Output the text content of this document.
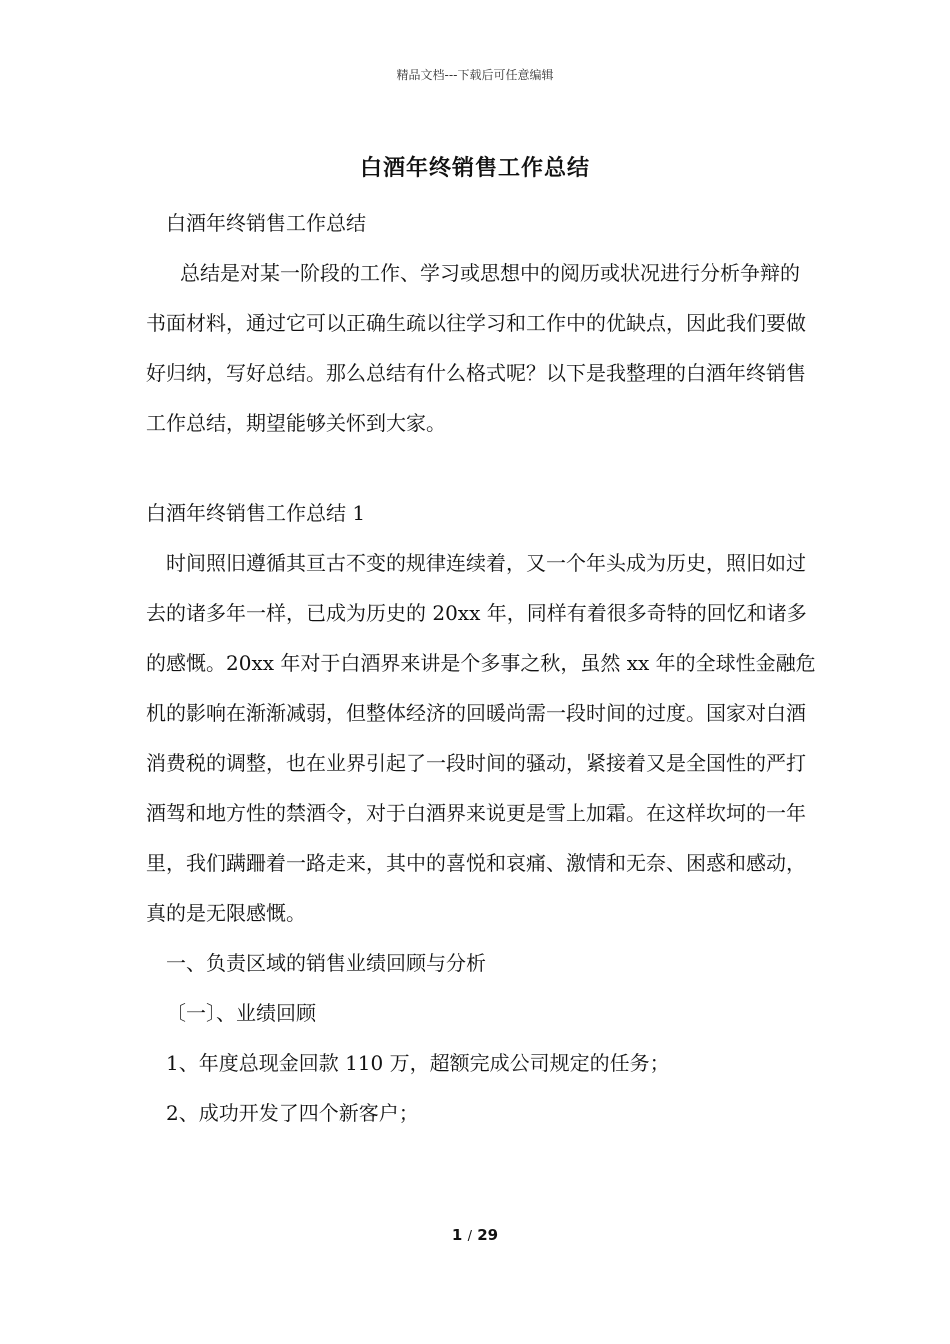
精品文档---下载后可任意编辑
白酒年终销售工作总结

白酒年终销售工作总结

总结是对某一阶段的工作、学习或思想中的阅历或状况进行分析争辩的书面材料，通过它可以正确生疏以往学习和工作中的优缺点，因此我们要做好归纳，写好总结。那么总结有什么格式呢？以下是我整理的白酒年终销售工作总结，期望能够关怀到大家。

白酒年终销售工作总结 1

时间照旧遵循其亘古不变的规律连续着，又一个年头成为历史，照旧如过去的诸多年一样，已成为历史的 20xx 年，同样有着很多奇特的回忆和诸多的感慨。20xx 年对于白酒界来讲是个多事之秋，虽然 xx 年的全球性金融危机的影响在渐渐减弱，但整体经济的回暖尚需一段时间的过度。国家对白酒消费税的调整，也在业界引起了一段时间的骚动，紧接着又是全国性的严打酒驾和地方性的禁酒令，对于白酒界来说更是雪上加霜。在这样坎坷的一年里，我们蹒跚着一路走来，其中的喜悦和哀痛、激情和无奈、困惑和感动，真的是无限感慨。

一、负责区域的销售业绩回顾与分析

〔一〕、业绩回顾

1、年度总现金回款 110 万，超额完成公司规定的任务；

2、成功开发了四个新客户；

1 / 29
